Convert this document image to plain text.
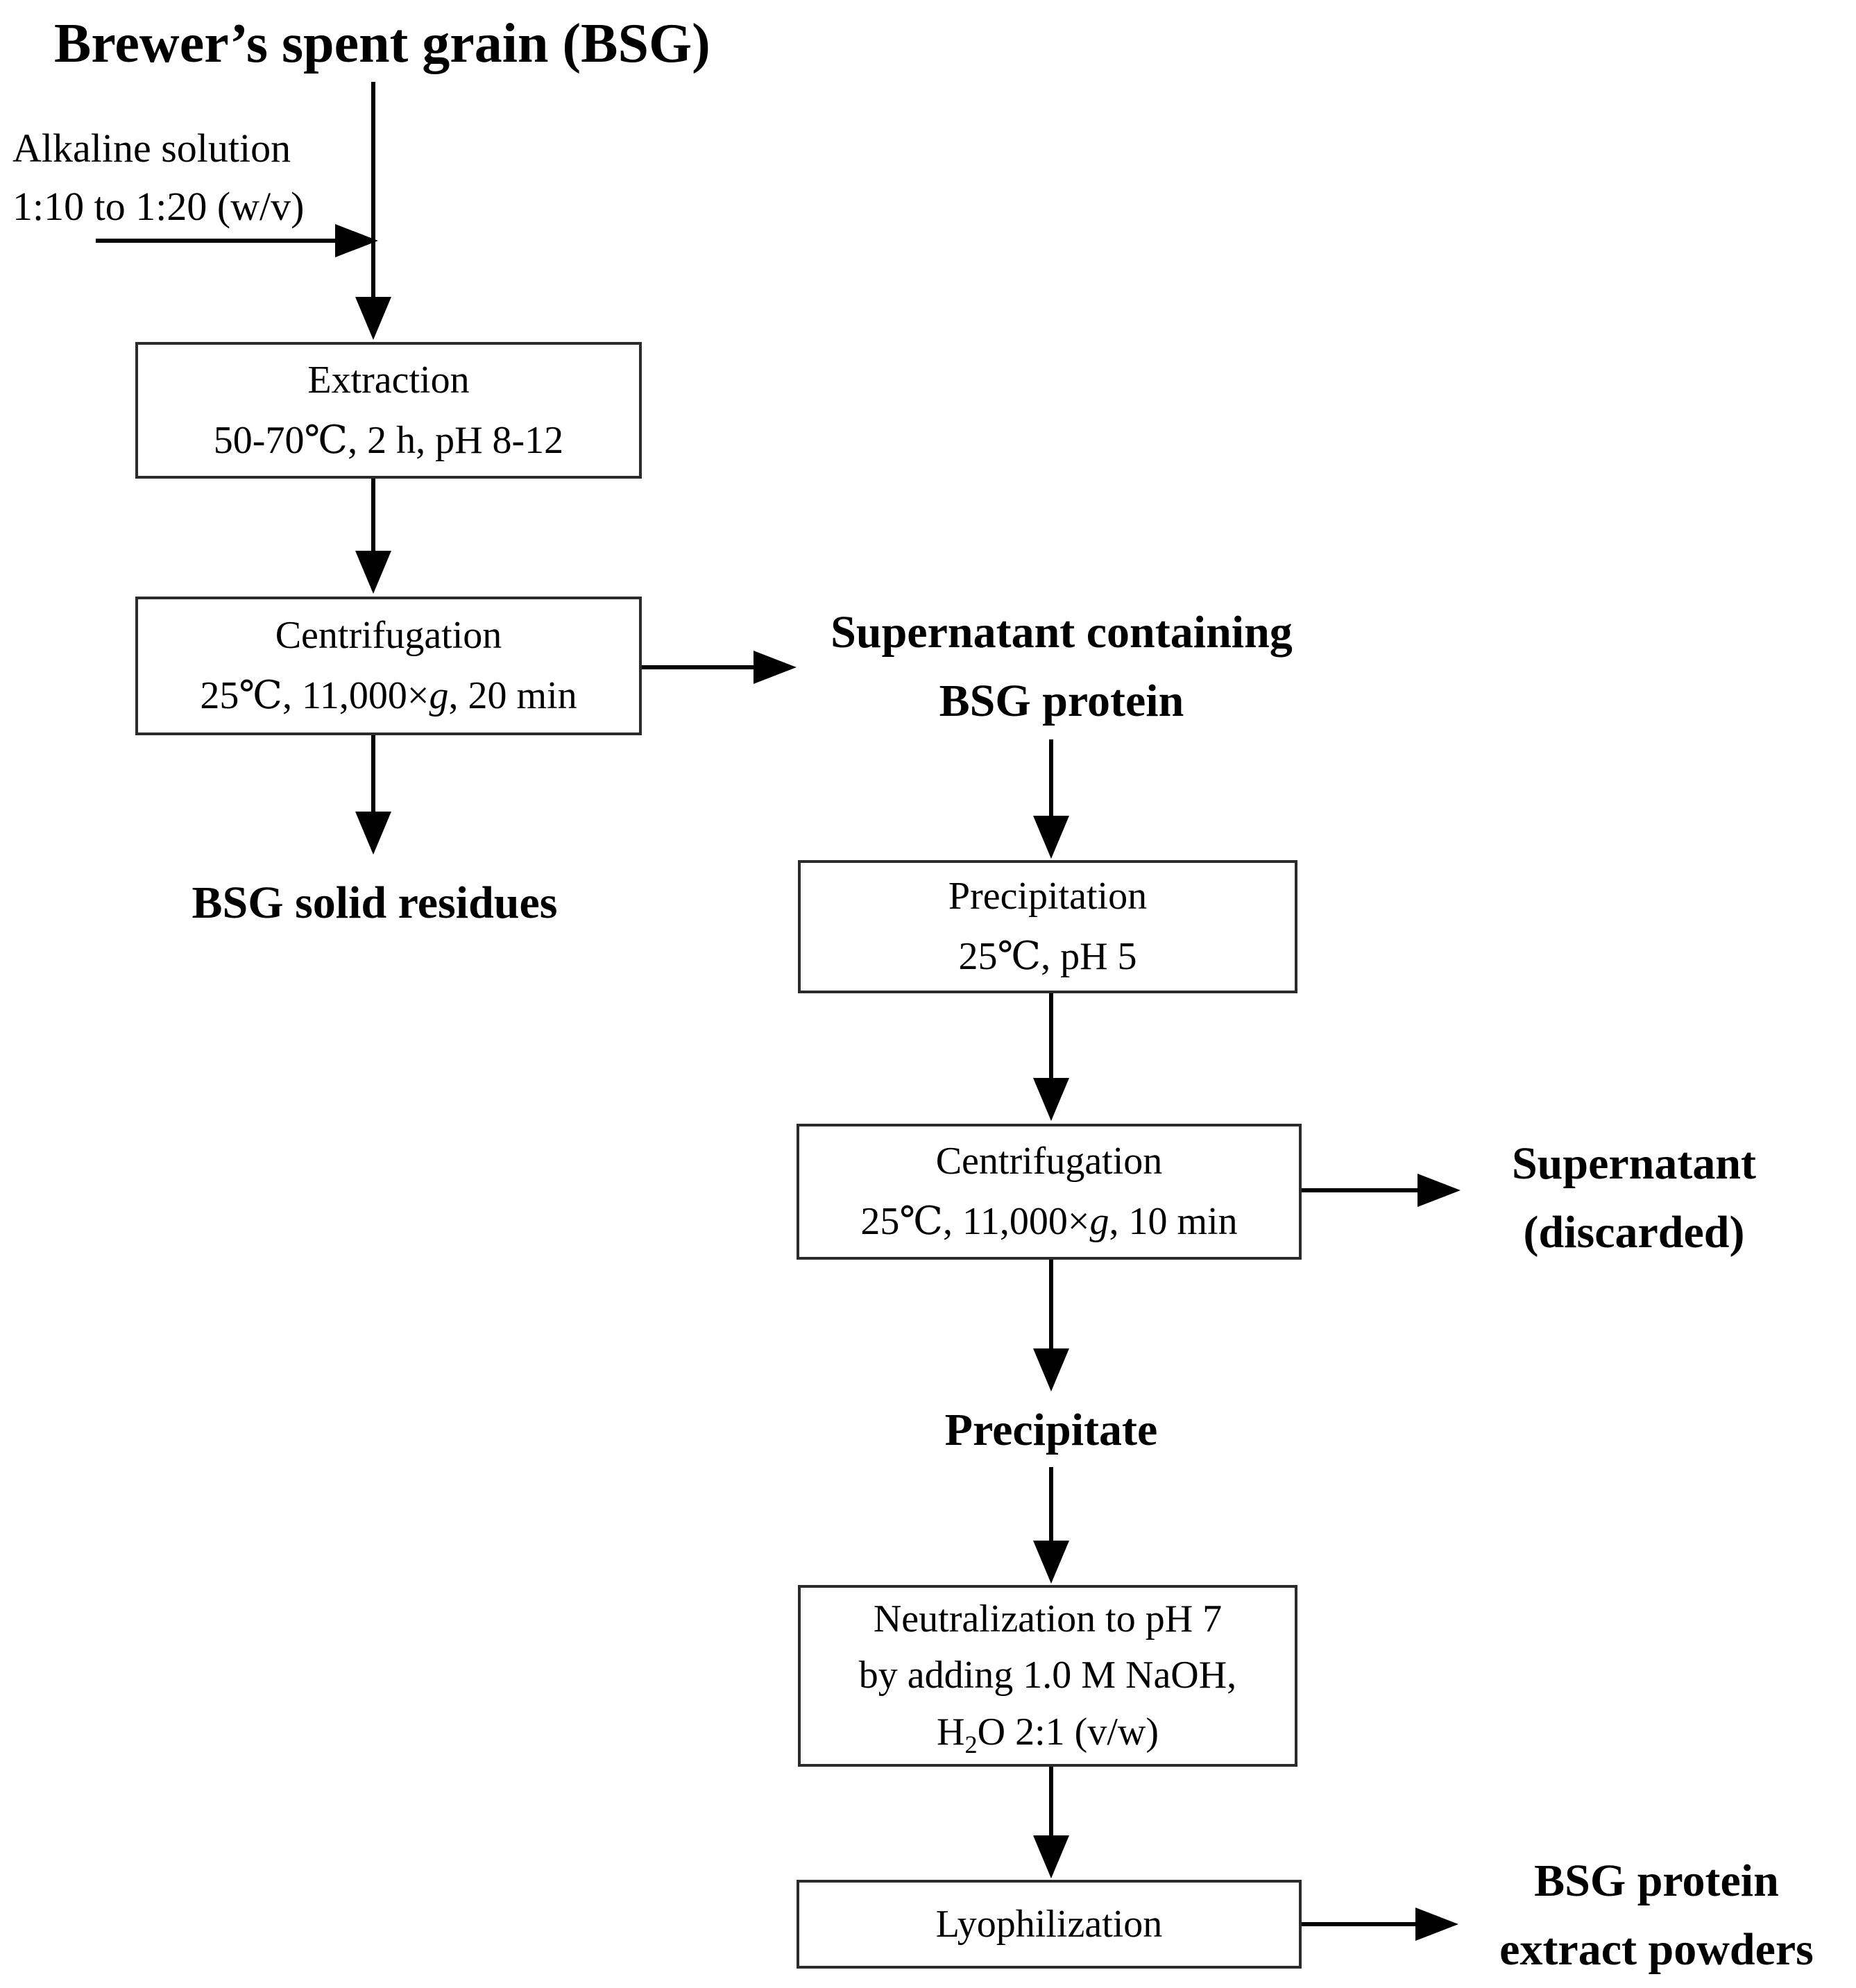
Brewer’s spent grain (BSG)
Alkaline solution
1:10 to 1:20 (w/v)
Extraction
50-70℃, 2 h, pH 8-12
Centrifugation
25℃, 11,000×g, 20 min
Supernatant containing
BSG protein
BSG solid residues	Precipitation
25℃, pH 5
Centrifugation
25℃, 11,000×g, 10 min
Supernatant
(discarded)
Precipitate
Neutralization to pH 7
by adding 1.0 M NaOH,
$H_2O$ 2:1 (v/w)
Lyophilization
BSG protein
extract powders
